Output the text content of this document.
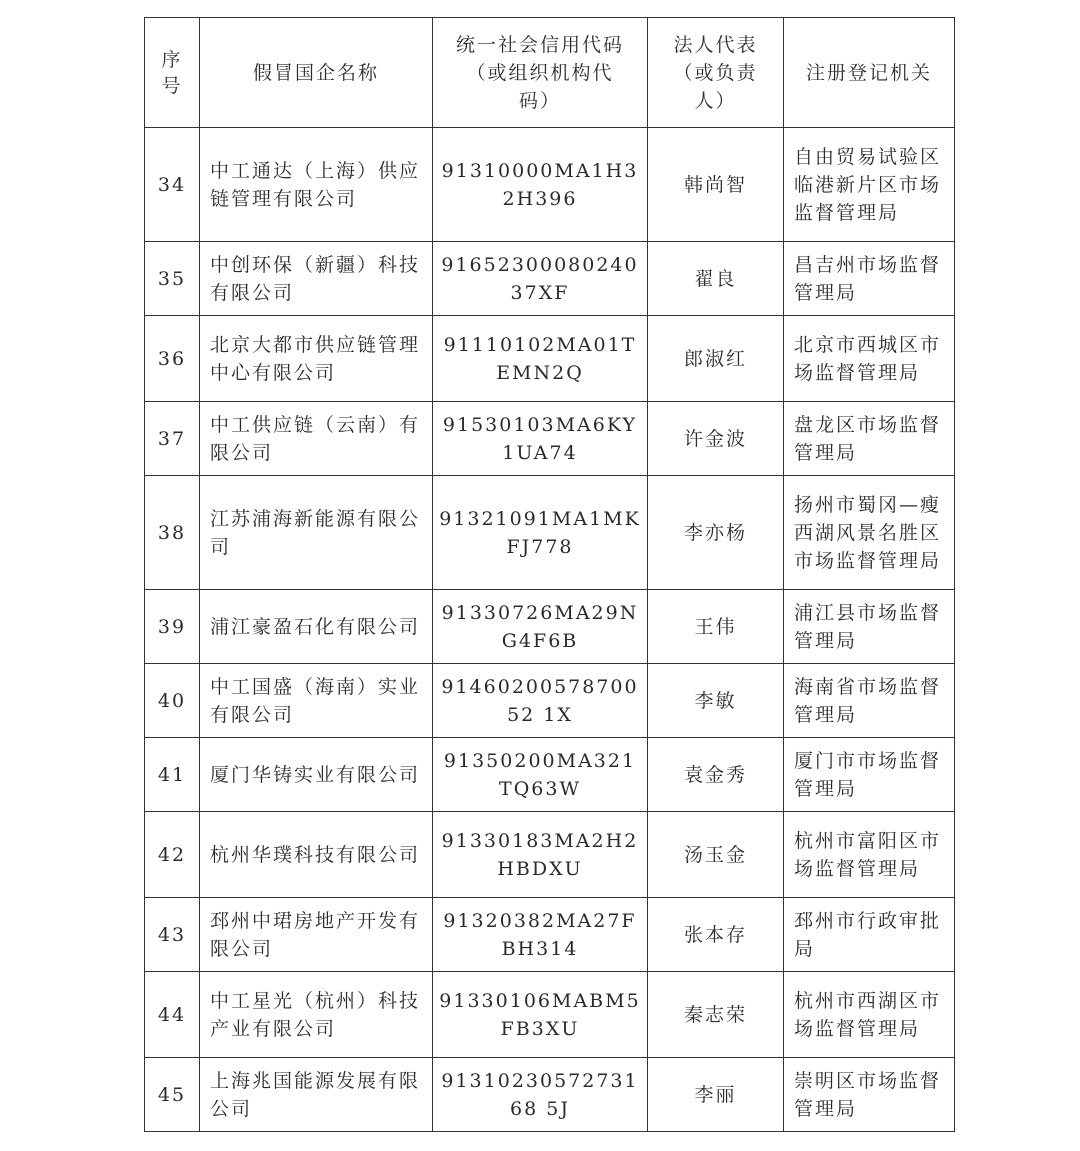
序号	假冒国企名称	统一社会信用代码（或组织机构代码）	法人代表（或负责人）	注册登记机关
34	中工通达（上海）供应链管理有限公司	91310000MA1H32H396	韩尚智	自由贸易试验区临港新片区市场监督管理局
35	中创环保（新疆）科技有限公司	9165230008024037XF	翟良	昌吉州市场监督管理局
36	北京大都市供应链管理中心有限公司	91110102MA01TEMN2Q	郎淑红	北京市西城区市场监督管理局
37	中工供应链（云南）有限公司	91530103MA6KY1UA74	许金波	盘龙区市场监督管理局
38	江苏浦海新能源有限公司	91321091MA1MKFJ778	李亦杨	扬州市蜀冈—瘦西湖风景名胜区市场监督管理局
39	浦江豪盈石化有限公司	91330726MA29NG4F6B	王伟	浦江县市场监督管理局
40	中工国盛（海南）实业有限公司	9146020057870052 1X	李敏	海南省市场监督管理局
41	厦门华铸实业有限公司	91350200MA321TQ63W	袁金秀	厦门市市场监督管理局
42	杭州华璞科技有限公司	91330183MA2H2HBDXU	汤玉金	杭州市富阳区市场监督管理局
43	邳州中珺房地产开发有限公司	91320382MA27FBH314	张本存	邳州市行政审批局
44	中工星光（杭州）科技产业有限公司	91330106MABM5FB3XU	秦志荣	杭州市西湖区市场监督管理局
45	上海兆国能源发展有限公司	9131023057273168 5J	李丽	崇明区市场监督管理局
